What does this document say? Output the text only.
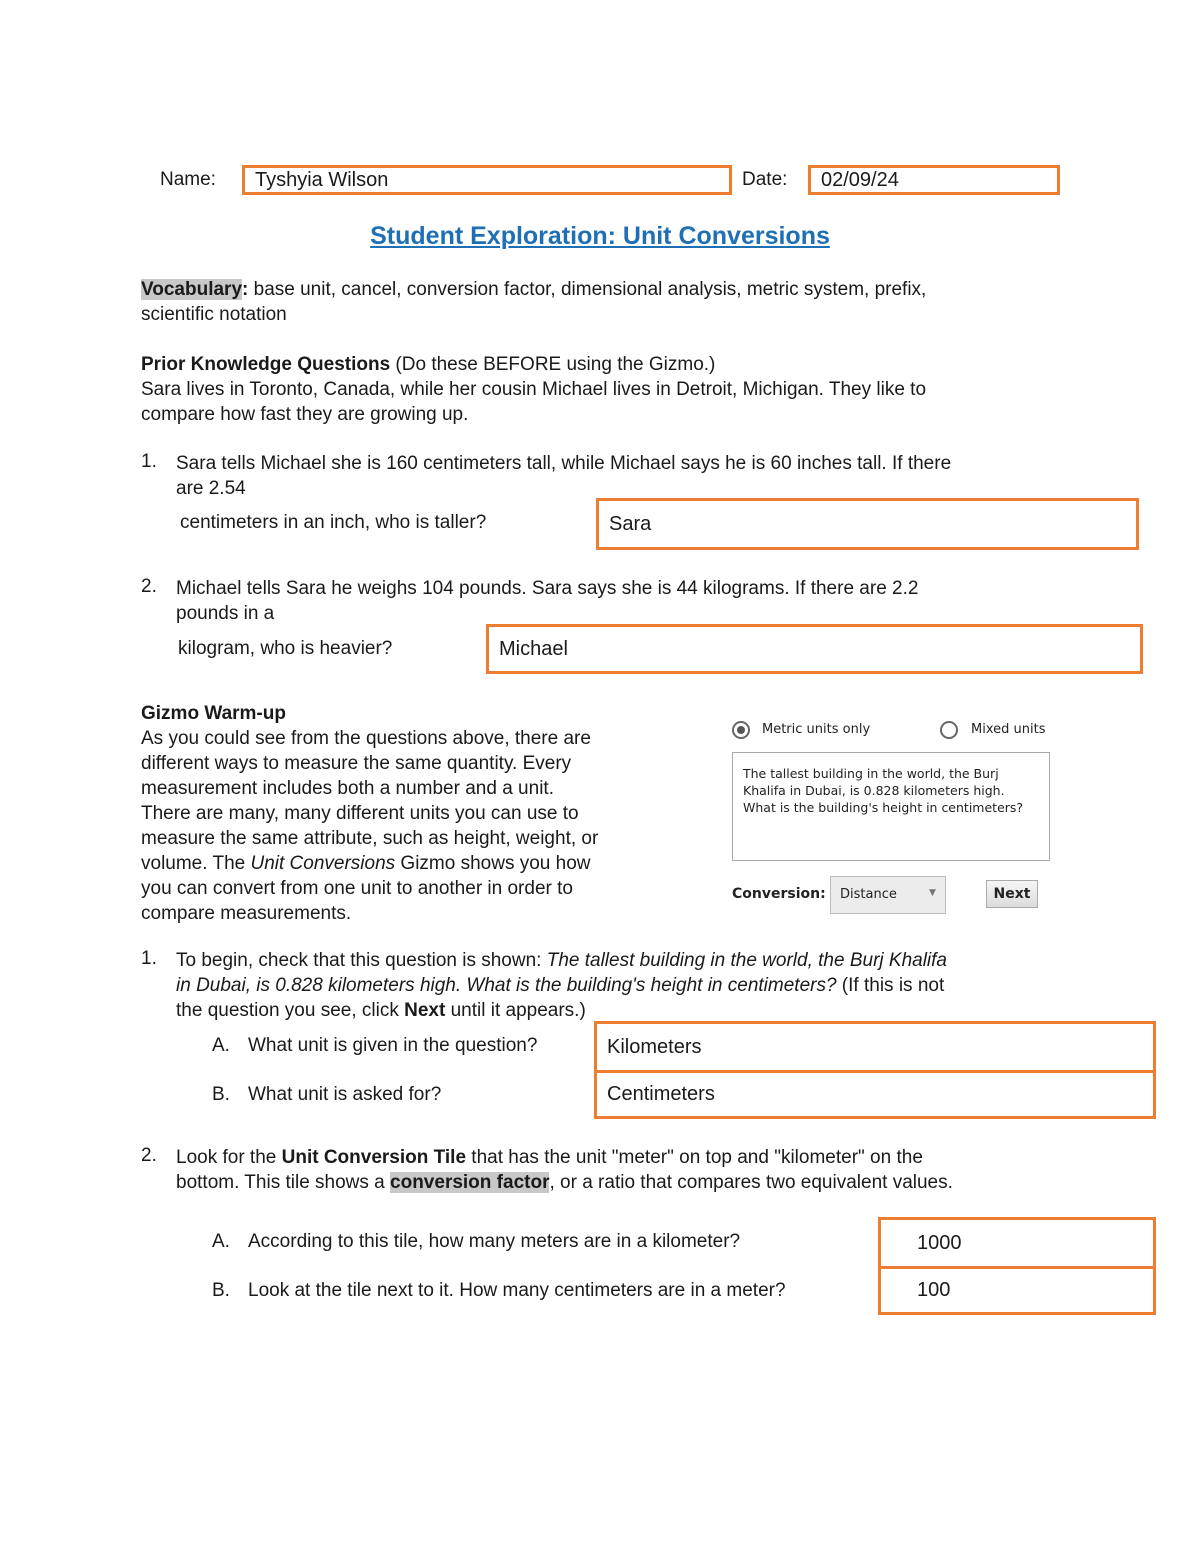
Name:	Tyshyia Wilson	Date:	02/09/24
Student Exploration: Unit Conversions

Vocabulary: base unit, cancel, conversion factor, dimensional analysis, metric system, prefix,

scientific notation

Prior Knowledge Questions (Do these BEFORE using the Gizmo.)

Sara lives in Toronto, Canada, while her cousin Michael lives in Detroit, Michigan. They like to

compare how fast they are growing up.

1. Sara tells Michael she is 160 centimeters tall, while Michael says he is 60 inches tall. If there

are 2.54

centimeters in an inch, who is taller?	Sara
2. Michael tells Sara he weighs 104 pounds. Sara says she is 44 kilograms. If there are 2.2

pounds in a

kilogram, who is heavier?	Michael

Gizmo Warm-up

As you could see from the questions above, there are

different ways to measure the same quantity. Every

measurement includes both a number and a unit.

There are many, many different units you can use to

measure the same attribute, such as height, weight, or

volume. The Unit Conversions Gizmo shows you how

you can convert from one unit to another in order to

compare measurements.

Metric units only	Mixed units
The tallest building in the world, the Burj Khalifa in Dubai, is 0.828 kilometers high. What is the building's height in centimeters?
Conversion: Distance	▼	Next
1. To begin, check that this question is shown: The tallest building in the world, the Burj Khalifa

in Dubai, is 0.828 kilometers high. What is the building's height in centimeters? (If this is not

the question you see, click Next until it appears.)

A. What unit is given in the question?	Kilometers
B. What unit is asked for?	Centimeters
2. Look for the Unit Conversion Tile that has the unit "meter" on top and "kilometer" on the

bottom. This tile shows a conversion factor, or a ratio that compares two equivalent values.

A. According to this tile, how many meters are in a kilometer?	1000
B. Look at the tile next to it. How many centimeters are in a meter?	100
